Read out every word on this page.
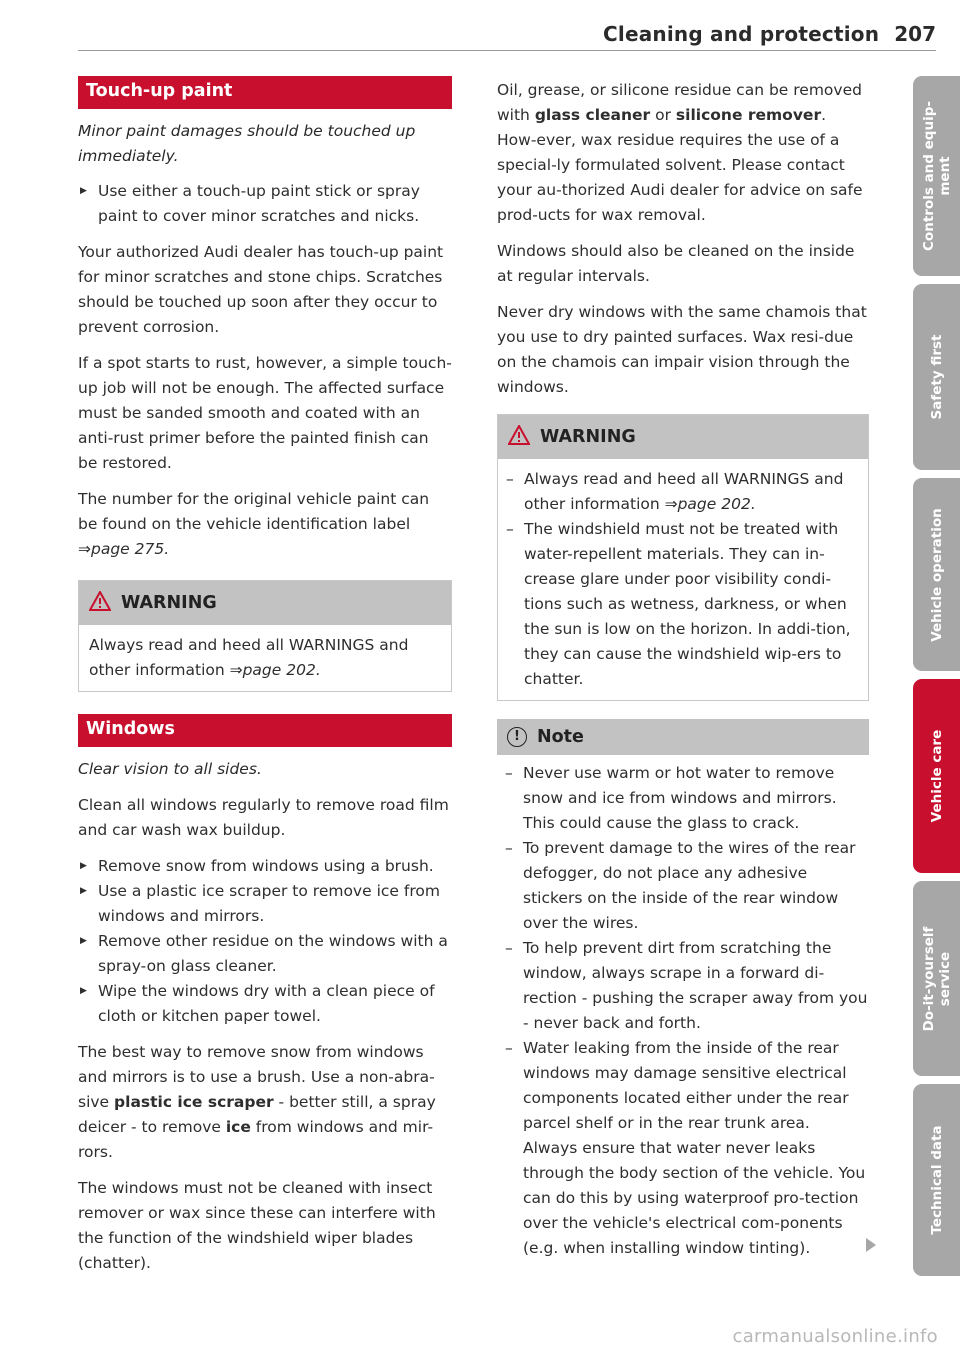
Cleaning and protection 207
Touch-up paint
Minor paint damages should be touched up immediately.
▶ Use either a touch-up paint stick or spray paint to cover minor scratches and nicks.

Your authorized Audi dealer has touch-up paint for minor scratches and stone chips. Scratches should be touched up soon after they occur to prevent corrosion.

If a spot starts to rust, however, a simple touch-up job will not be enough. The affected surface must be sanded smooth and coated with an anti-rust primer before the painted finish can be restored.

The number for the original vehicle paint can be found on the vehicle identification label
⇒page 275.

WARNING

Always read and heed all WARNINGS and other information ⇒page 202.

Windows
Clear vision to all sides.

Clean all windows regularly to remove road film and car wash wax buildup.

▶ Remove snow from windows using a brush.
▶ Use a plastic ice scraper to remove ice from windows and mirrors.
▶ Remove other residue on the windows with a spray-on glass cleaner.
▶ Wipe the windows dry with a clean piece of cloth or kitchen paper towel.

The best way to remove snow from windows and mirrors is to use a brush. Use a non-abra-sive plastic ice scraper - better still, a spray deicer - to remove ice from windows and mir-rors.

The windows must not be cleaned with insect remover or wax since these can interfere with the function of the windshield wiper blades (chatter).

Oil, grease, or silicone residue can be removed with glass cleaner or silicone remover. How-ever, wax residue requires the use of a special-ly formulated solvent. Please contact your au-thorized Audi dealer for advice on safe prod-ucts for wax removal.

Windows should also be cleaned on the inside at regular intervals.

Never dry windows with the same chamois that you use to dry painted surfaces. Wax resi-due on the chamois can impair vision through the windows.

WARNING
– Always read and heed all WARNINGS and other information ⇒page 202.
– The windshield must not be treated with water-repellent materials. They can in-crease glare under poor visibility condi-tions such as wetness, darkness, or when the sun is low on the horizon. In addi-tion, they can cause the windshield wip-ers to chatter.
! Note
– Never use warm or hot water to remove snow and ice from windows and mirrors. This could cause the glass to crack.
– To prevent damage to the wires of the rear defogger, do not place any adhesive stickers on the inside of the rear window over the wires.
– To help prevent dirt from scratching the window, always scrape in a forward di-rection - pushing the scraper away from you - never back and forth.
– Water leaking from the inside of the rear windows may damage sensitive electrical components located either under the rear parcel shelf or in the rear trunk area. Always ensure that water never leaks through the body section of the vehicle. You can do this by using waterproof pro-tection over the vehicle's electrical com-ponents (e.g. when installing window tinting).
Controls and equip-
ment
Safety first
Vehicle operation
Vehicle care
Do-it-yourself
service
Technical data
carmanualsonline.info
